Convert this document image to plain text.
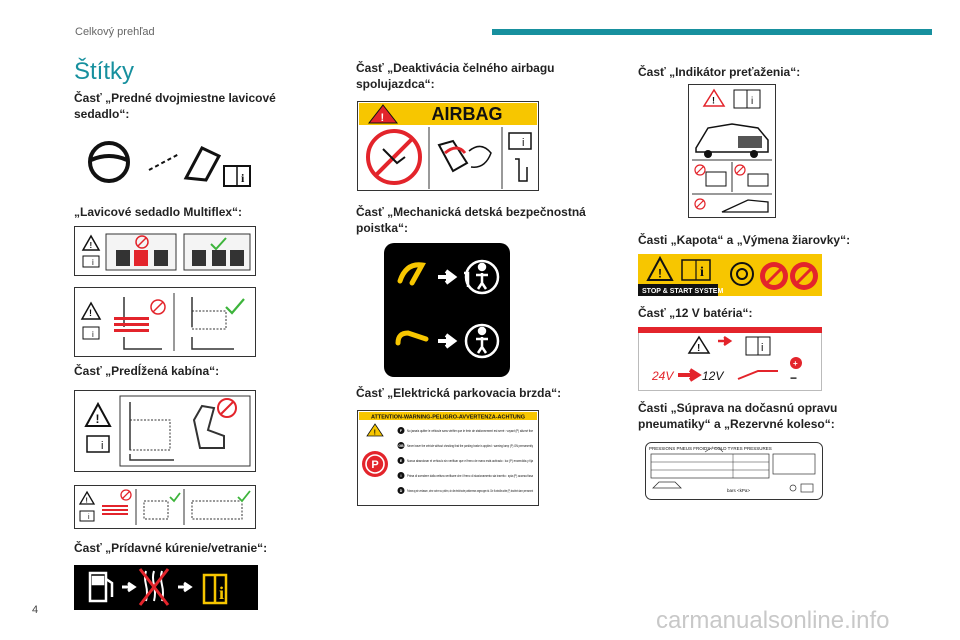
Celkový prehľad
Štítky
Časť „Predné dvojmiestne lavicové sedadlo“:
i
„Lavicové sedadlo Multiflex“:
!
i
!
i
Časť „Predĺžená kabína“:
!
i
!
i
Časť „Prídavné kúrenie/vetranie“:
i
Časť „Deaktivácia čelného airbagu spolujazdca“:
!	AIRBAG
i
Časť „Mechanická detská bezpečnostná poistka“:
Časť „Elektrická parkovacia brzda“:
ATTENTION-WARNING-PELIGRO-AVVERTENZA-ACHTUNG
!
P
F No jamais quitter le véhicule sans vérifier que le frein de stationnement est serré : voyant (P) allumé fixe
GB Never leave the vehicle without checking that the parking brake is applied : warning lamp (P) ON permanently
E Nunca abandonar el vehículo sin verificar que el freno de mano está activado : luz (P) encendida y fija
I Prima di scendere dalla vettura verificare che il freno di stazionamento sia inserito : spia (P) accesa fissa
D Fahrzeug nie verlassen, ohne vorher zu prüfen, ob die elektrische parkbremse angezogen ist. Die Kontrollleuchte (P) leuchtet dann permanent
Časť „Indikátor preťaženia“:
!	i
Časti „Kapota“ a „Výmena žiarovky“:
!	i
STOP & START SYSTEM
Časť „12 V batéria“:
!	i
24V 12V
+
−
Časti „Súprava na dočasnú opravu pneumatiky“ a „Rezervné koleso“:
PRESSIONS PNEUS FROIDS / COLD TYRES PRESSURES
bars <kPa>
4	carmanualsonline.info
